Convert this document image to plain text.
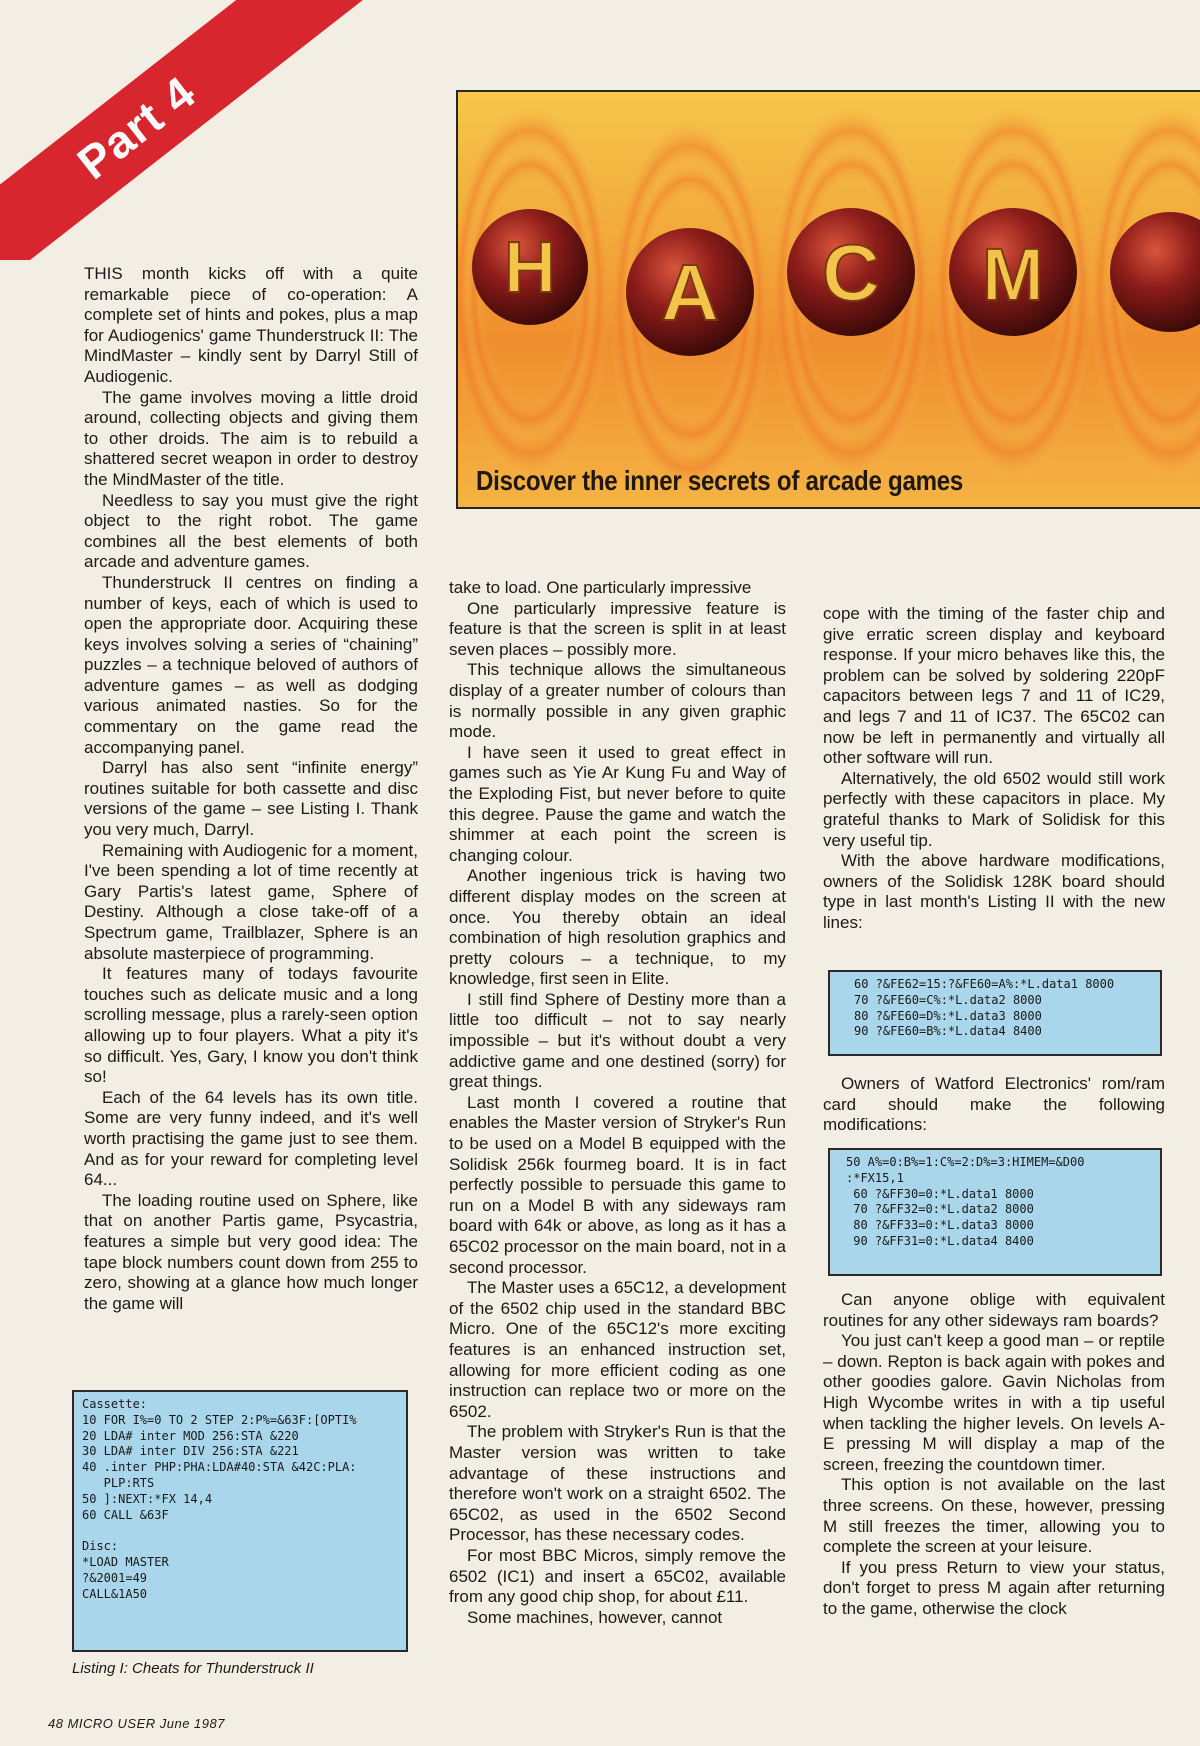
Part 4
H A C M
Discover the inner secrets of arcade games

THIS month kicks off with a quite remarkable piece of co-operation: A complete set of hints and pokes, plus a map for Audiogenics' game Thunderstruck II: The MindMaster – kindly sent by Darryl Still of Audiogenic.

The game involves moving a little droid around, collecting objects and giving them to other droids. The aim is to rebuild a shattered secret weapon in order to destroy the MindMaster of the title.

Needless to say you must give the right object to the right robot. The game combines all the best elements of both arcade and adventure games.

Thunderstruck II centres on finding a number of keys, each of which is used to open the appropriate door. Acquiring these keys involves solving a series of “chaining” puzzles – a technique beloved of authors of adventure games – as well as dodging various animated nasties. So for the commentary on the game read the accompanying panel.

Darryl has also sent “infinite energy” routines suitable for both cassette and disc versions of the game – see Listing I. Thank you very much, Darryl.

Remaining with Audiogenic for a moment, I've been spending a lot of time recently at Gary Partis's latest game, Sphere of Destiny. Although a close take-off of a Spectrum game, Trailblazer, Sphere is an absolute masterpiece of programming.

It features many of todays favourite touches such as delicate music and a long scrolling message, plus a rarely-seen option allowing up to four players. What a pity it's so difficult. Yes, Gary, I know you don't think so!

Each of the 64 levels has its own title. Some are very funny indeed, and it's well worth practising the game just to see them. And as for your reward for completing level 64...

The loading routine used on Sphere, like that on another Partis game, Psycastria, features a simple but very good idea: The tape block numbers count down from 255 to zero, showing at a glance how much longer the game will

Cassette:
10 FOR I%=0 TO 2 STEP 2:P%=&63F:[OPTI%
20 LDA# inter MOD 256:STA &220
30 LDA# inter DIV 256:STA &221
40 .inter PHP:PHA:LDA#40:STA &42C:PLA:
PLP:RTS
50 ]:NEXT:*FX 14,4
60 CALL &63F

Disc:
*LOAD MASTER
?&2001=49
CALL&1A50
Listing I: Cheats for Thunderstruck II

take to load. One particularly impressive

One particularly impressive feature is feature is that the screen is split in at least seven places – possibly more.

This technique allows the simultaneous display of a greater number of colours than is normally possible in any given graphic mode.

I have seen it used to great effect in games such as Yie Ar Kung Fu and Way of the Exploding Fist, but never before to quite this degree. Pause the game and watch the shimmer at each point the screen is changing colour.

Another ingenious trick is having two different display modes on the screen at once. You thereby obtain an ideal combination of high resolution graphics and pretty colours – a technique, to my knowledge, first seen in Elite.

I still find Sphere of Destiny more than a little too difficult – not to say nearly impossible – but it's without doubt a very addictive game and one destined (sorry) for great things.

Last month I covered a routine that enables the Master version of Stryker's Run to be used on a Model B equipped with the Solidisk 256k fourmeg board. It is in fact perfectly possible to persuade this game to run on a Model B with any sideways ram board with 64k or above, as long as it has a 65C02 processor on the main board, not in a second processor.

The Master uses a 65C12, a development of the 6502 chip used in the standard BBC Micro. One of the 65C12's more exciting features is an enhanced instruction set, allowing for more efficient coding as one instruction can replace two or more on the 6502.

The problem with Stryker's Run is that the Master version was written to take advantage of these instructions and therefore won't work on a straight 6502. The 65C02, as used in the 6502 Second Processor, has these necessary codes.

For most BBC Micros, simply remove the 6502 (IC1) and insert a 65C02, available from any good chip shop, for about £11.

Some machines, however, cannot

cope with the timing of the faster chip and give erratic screen display and keyboard response. If your micro behaves like this, the problem can be solved by soldering 220pF capacitors between legs 7 and 11 of IC29, and legs 7 and 11 of IC37. The 65C02 can now be left in permanently and virtually all other software will run.

Alternatively, the old 6502 would still work perfectly with these capacitors in place. My grateful thanks to Mark of Solidisk for this very useful tip.

With the above hardware modifications, owners of the Solidisk 128K board should type in last month's Listing II with the new lines:

60 ?&FE62=15:?&FE60=A%:*L.data1 8000
70 ?&FE60=C%:*L.data2 8000
80 ?&FE60=D%:*L.data3 8000
90 ?&FE60=B%:*L.data4 8400

Owners of Watford Electronics' rom/ram card should make the following modifications:

50 A%=0:B%=1:C%=2:D%=3:HIMEM=&D00
:*FX15,1
60 ?&FF30=0:*L.data1 8000
70 ?&FF32=0:*L.data2 8000
80 ?&FF33=0:*L.data3 8000
90 ?&FF31=0:*L.data4 8400

Can anyone oblige with equivalent routines for any other sideways ram boards?

You just can't keep a good man – or reptile – down. Repton is back again with pokes and other goodies galore. Gavin Nicholas from High Wycombe writes in with a tip useful when tackling the higher levels. On levels A-E pressing M will display a map of the screen, freezing the countdown timer.

This option is not available on the last three screens. On these, however, pressing M still freezes the timer, allowing you to complete the screen at your leisure.

If you press Return to view your status, don't forget to press M again after returning to the game, otherwise the clock

48 MICRO USER June 1987
